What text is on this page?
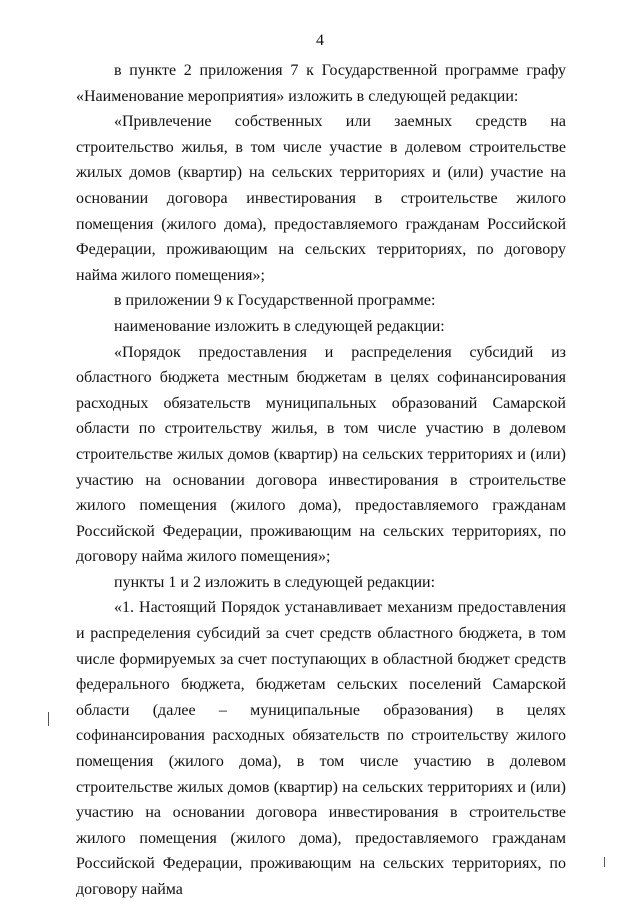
4

в пункте 2 приложения 7 к Государственной программе графу «Наименование мероприятия» изложить в следующей редакции:

«Привлечение собственных или заемных средств на строительство жилья, в том числе участие в долевом строительстве жилых домов (квартир) на сельских территориях и (или) участие на основании договора инвестирования в строительстве жилого помещения (жилого дома), предоставляемого гражданам Российской Федерации, проживающим на сельских территориях, по договору найма жилого помещения»;

в приложении 9 к Государственной программе:

наименование изложить в следующей редакции:

«Порядок предоставления и распределения субсидий из областного бюджета местным бюджетам в целях софинансирования расходных обязательств муниципальных образований Самарской области по строительству жилья, в том числе участию в долевом строительстве жилых домов (квартир) на сельских территориях и (или) участию на основании договора инвестирования в строительстве жилого помещения (жилого дома), предоставляемого гражданам Российской Федерации, проживающим на сельских территориях, по договору найма жилого помещения»;

пункты 1 и 2 изложить в следующей редакции:

«1. Настоящий Порядок устанавливает механизм предоставления и распределения субсидий за счет средств областного бюджета, в том числе формируемых за счет поступающих в областной бюджет средств федерального бюджета, бюджетам сельских поселений Самарской области (далее – муниципальные образования) в целях софинансирования расходных обязательств по строительству жилого помещения (жилого дома), в том числе участию в долевом строительстве жилых домов (квартир) на сельских территориях и (или) участию на основании договора инвестирования в строительстве жилого помещения (жилого дома), предоставляемого гражданам Российской Федерации, проживающим на сельских территориях, по договору найма
